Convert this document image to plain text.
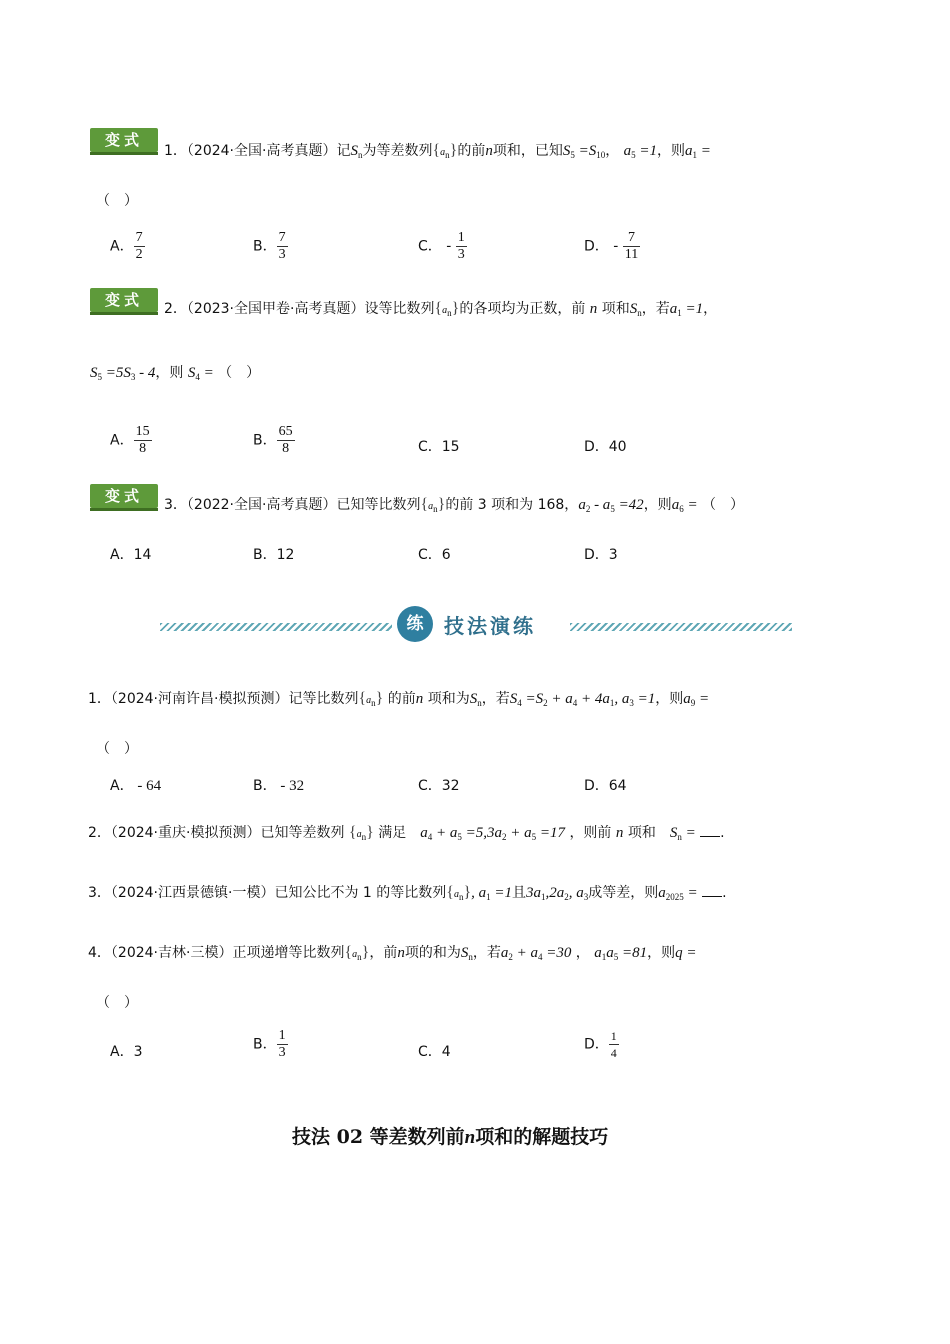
变式
1．（2024·全国·高考真题）记$S_n$为等差数列{an}的前n项和，已知$S_5 =S_{10}$， $a_5 =1$，则$a_1$ =
（　）
A． $\frac{7}{2}$	B． $\frac{7}{3}$	C． - $\frac{1}{3}$	D． - $\frac{7}{11}$
变式	2．（2023·全国甲卷·高考真题）设等比数列{an}的各项均为正数，前 n 项和$S_n$，若$a_1 =1$，
$S_5 =5S_3 - 4$，则 $S_4$ = （　）
A． $\frac{15}{8}$	B． $\frac{65}{8}$	C．15	D．40
变式	3．（2022·全国·高考真题）已知等比数列{an}的前 3 项和为 168，$a_2 - a_5 =42$，则$a_6$ = （　）
A．14	B．12	C．6	D．3
练	技法演练
1．（2024·河南许昌·模拟预测）记等比数列{an} 的前n 项和为$S_n$，若$S_4 =S_2 + a_4 + 4a_1$, $a_3 =1$，则$a_9$ =
（　）
A． - 64	B． - 32	C．32	D．64
2．（2024·重庆·模拟预测）已知等差数列 {an} 满足　 $a_4 + a_5 =5,3a_2 + a_5 =17$ ，则前 n 项和　 $S_n$ = .
3．（2024·江西景德镇·一模）已知公比不为 1 的等比数列{an}, $a_1 =1$且$3a_1,2a_2$, $a_3$成等差，则$a_{2025}$ = .
4．（2024·吉林·三模）正项递增等比数列{an}，前n项的和为$S_n$，若$a_2 + a_4 =30$ ， $a_1a_5 =81$，则q =
（　）
A．3	B． $\frac{1}{3}$	C．4	D． $\frac{1}{4}$
技法 02 等差数列前n项和的解题技巧
